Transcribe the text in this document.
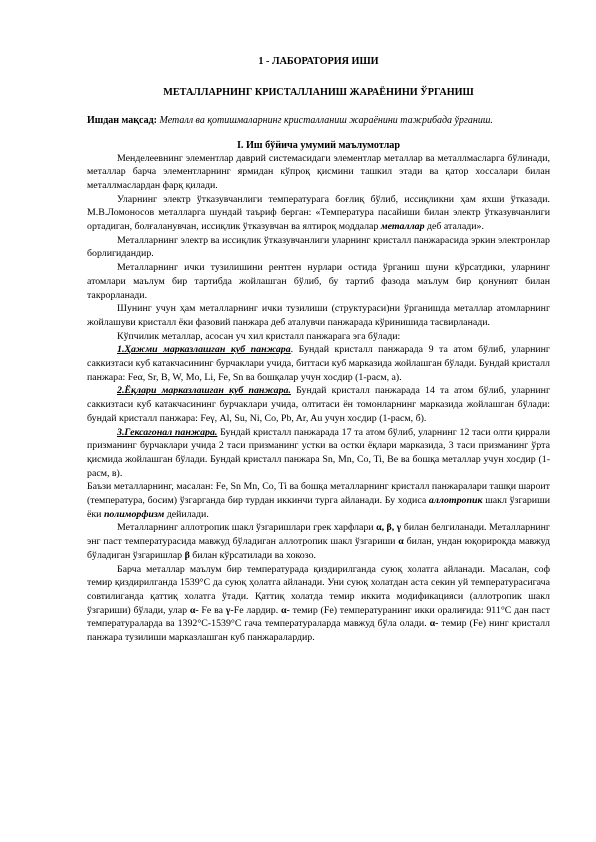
1 - ЛАБОРАТОРИЯ ИШИ
МЕТАЛЛАРНИНГ КРИСТАЛЛАНИШ ЖАРАЁНИНИ ЎРГАНИШ
Ишдан мақсад: Металл ва қотишмаларнинг кристалланиш жараёнини тажрибада ўрганиш.
I. Иш бўйича умумий маълумотлар

Менделеевнинг элементлар даврий системасидаги элементлар металлар ва металлмасларга бўлинади, металлар барча элементларнинг ярмидан кўпроқ қисмини ташкил этади ва қатор хоссалари билан металлмаслардан фарқ қилади.

Уларнинг электр ўтказувчанлиги температурага боғлиқ бўлиб, иссиқликни ҳам яхши ўтказади. М.В.Ломоносов металларга шундай таъриф берган: «Температура пасайиши билан электр ўтказувчанлиги ортадиган, болғаланувчан, иссиқлик ўтказувчан ва ялтироқ моддалар металлар деб аталади».

Металларнинг электр ва иссиқлик ўтказувчанлиги уларнинг кристалл панжарасида эркин электронлар борлигидандир.

Металларнинг ички тузилишини рентген нурлари остида ўрганиш шуни кўрсатдики, уларнинг атомлари маълум бир тартибда жойлашган бўлиб, бу тартиб фазода маълум бир қонуният билан такрорланади.

Шунинг учун ҳам металларнинг ички тузилиши (структураси)ни ўрганишда металлар атомларнинг жойлашуви кристалл ёки фазовий панжара деб аталувчи панжарада кўринишида тасвирланади.

Кўпчилик металлар, асосан уч хил кристалл панжарага эга бўлади:

1.Ҳажми марказлашган куб панжара. Бундай кристалл панжарада 9 та атом бўлиб, уларнинг саккизтаси куб катакчасининг бурчаклари учида, биттаси куб марказида жойлашган бўлади. Бундай кристалл панжара: Feα, Sr, B, W, Mo, Li, Fe, Sn ва бошқалар учун хосдир (1-расм, а).

2.Ёқлари марказлашган куб панжара. Бундай кристалл панжарада 14 та атом бўлиб, уларнинг саккизтаси куб катакчасининг бурчаклари учида, олтитаси ён томонларнинг марказида жойлашган бўлади: бундай кристалл панжара: Feγ, Al, Su, Ni, Co, Pb, Ar, Au учун хосдир (1-расм, б).

3.Гексагонал панжара. Бундай кристалл панжарада 17 та атом бўлиб, уларнинг 12 таси олти қиррали призманинг бурчаклари учида 2 таси призманинг устки ва остки ёқлари марказида, 3 таси призманинг ўрта қисмида жойлашган бўлади. Бундай кристалл панжара Sn, Mn, Co, Ti, Be ва бошқа металлар учун хосдир (1-расм, в).

Баъзи металларнинг, масалан: Fe, Sn Mn, Co, Ti ва бошқа металларнинг кристалл панжаралари ташқи шароит (температура, босим) ўзгарганда бир турдан иккинчи турга айланади. Бу ходиса аллотропик шакл ўзгариши ёки полиморфизм дейилади.

Металларнинг аллотропик шакл ўзгаришлари грек харфлари α, β, γ билан белгиланади. Металларнинг энг паст температурасида мавжуд бўладиган аллотропик шакл ўзгариши α билан, ундан юқорироқда мавжуд бўладиган ўзгаришлар β билан кўрсатилади ва хокозо.

Барча металлар маълум бир температурада қиздирилганда суюқ холатга айланади. Масалан, соф темир қиздирилганда 1539°С да суюқ ҳолатга айланади. Уни суюқ холатдан аста секин уй температурасигача совтилиганда қаттиқ холатга ўтади. Қаттиқ холатда темир иккита модификацияси (аллотропик шакл ўзгариши) бўлади, улар α- Fe ва γ-Fe лардир. α- темир (Fe) температуранинг икки оралиғида: 911°С дан паст температураларда ва 1392°С-1539°С гача температураларда мавжуд бўла олади. α- темир (Fe) нинг кристалл панжара тузилиши марказлашган куб панжаралардир.
